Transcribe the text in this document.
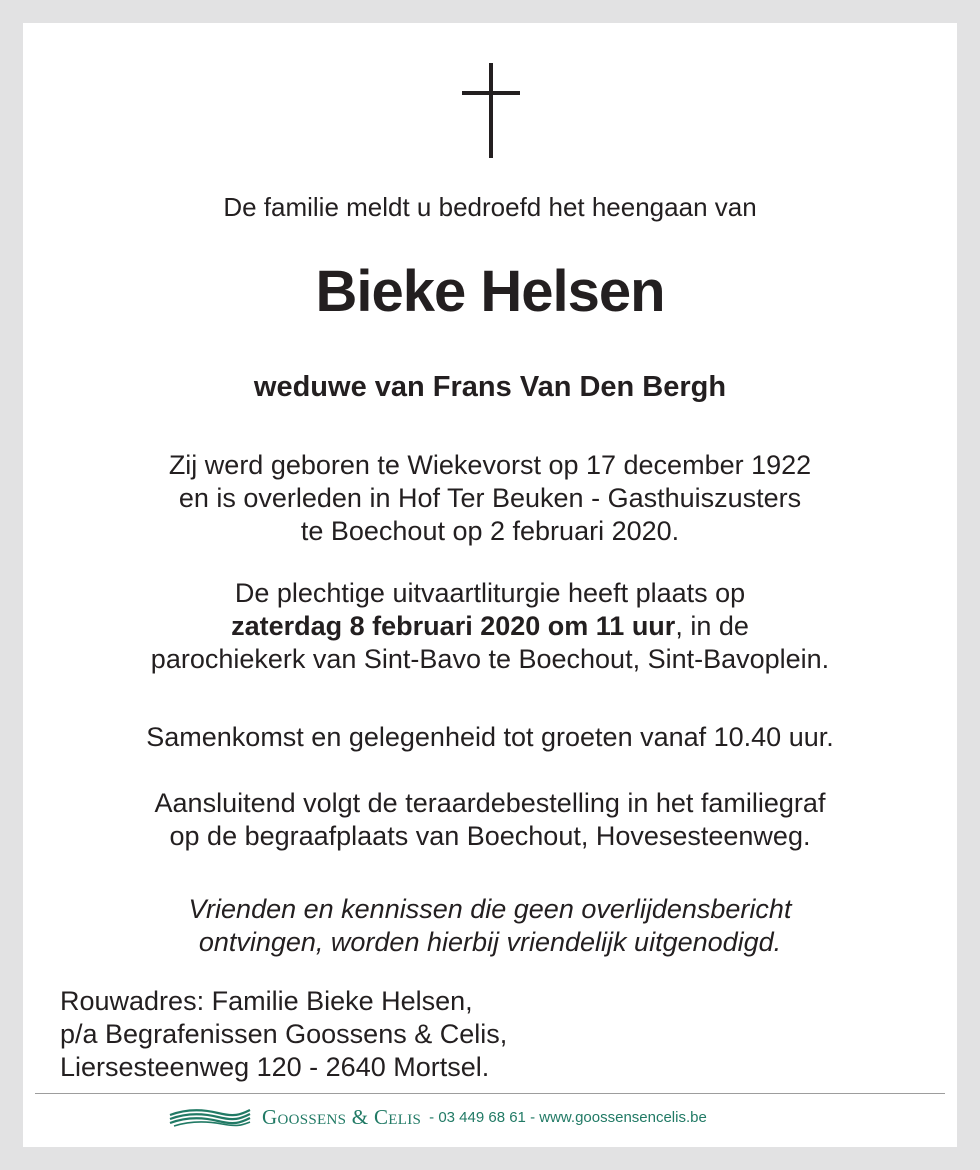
De familie meldt u bedroefd het heengaan van
Bieke Helsen
weduwe van Frans Van Den Bergh
Zij werd geboren te Wiekevorst op 17 december 1922
en is overleden in Hof Ter Beuken - Gasthuiszusters
te Boechout op 2 februari 2020.
De plechtige uitvaartliturgie heeft plaats op
zaterdag 8 februari 2020 om 11 uur, in de
parochiekerk van Sint-Bavo te Boechout, Sint-Bavoplein.
Samenkomst en gelegenheid tot groeten vanaf 10.40 uur.
Aansluitend volgt de teraardebestelling in het familiegraf
op de begraafplaats van Boechout, Hovesesteenweg.
Vrienden en kennissen die geen overlijdensbericht
ontvingen, worden hierbij vriendelijk uitgenodigd.
Rouwadres: Familie Bieke Helsen,
p/a Begrafenissen Goossens & Celis,
Liersesteenweg 120 - 2640 Mortsel.
Goossens & Celis - 03 449 68 61 - www.goossensencelis.be
